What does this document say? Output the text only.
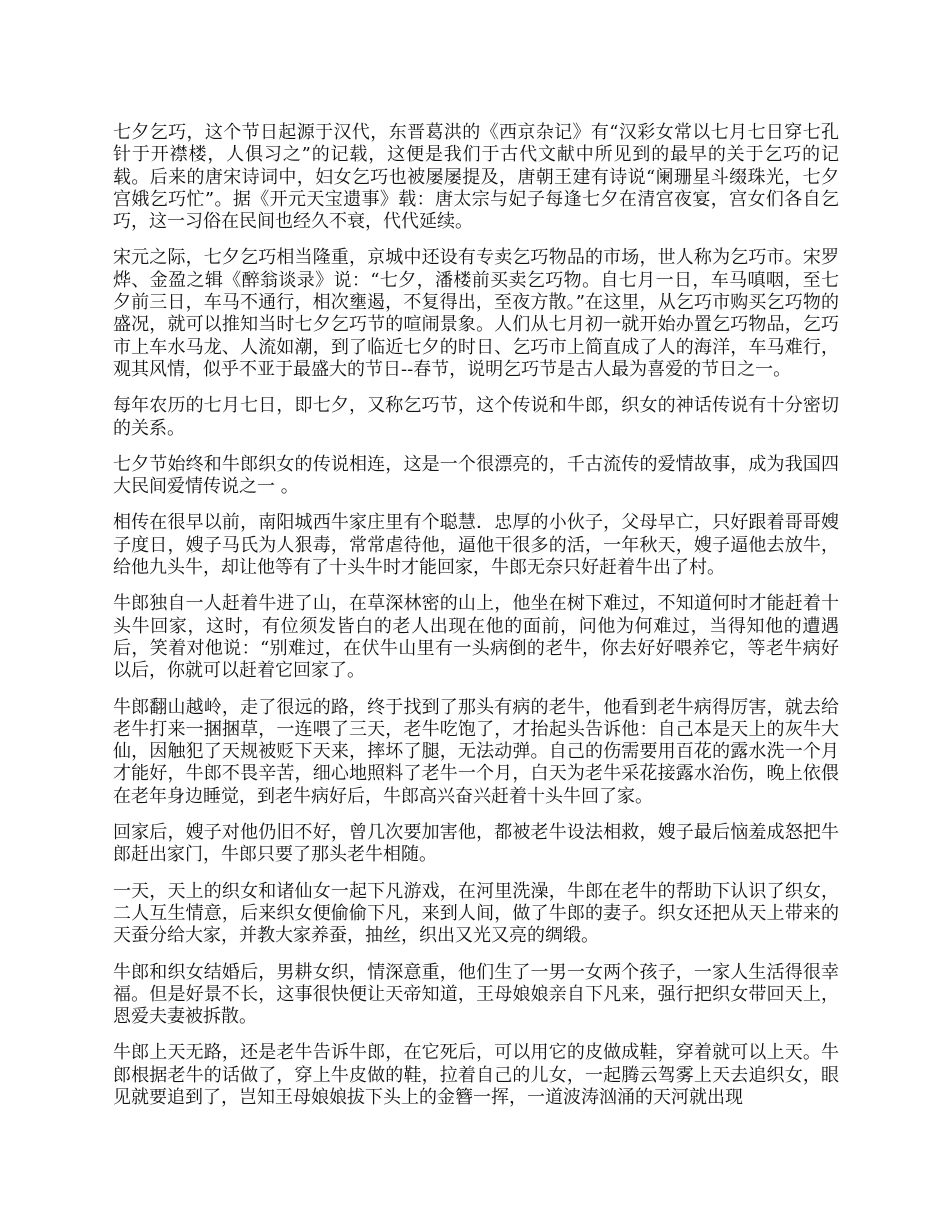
七夕乞巧，这个节日起源于汉代，东晋葛洪的《西京杂记》有“汉彩女常以七月七日穿七孔针于开襟楼，人俱习之”的记载，这便是我们于古代文献中所见到的最早的关于乞巧的记载。后来的唐宋诗词中，妇女乞巧也被屡屡提及，唐朝王建有诗说“阑珊星斗缀珠光，七夕宫娥乞巧忙”。据《开元天宝遗事》载：唐太宗与妃子每逢七夕在清宫夜宴，宫女们各自乞巧，这一习俗在民间也经久不衰，代代延续。

宋元之际，七夕乞巧相当隆重，京城中还设有专卖乞巧物品的市场，世人称为乞巧市。宋罗烨、金盈之辑《醉翁谈录》说：“七夕，潘楼前买卖乞巧物。自七月一日，车马嗔咽，至七夕前三日，车马不通行，相次壅遏，不复得出，至夜方散。”在这里，从乞巧市购买乞巧物的盛况，就可以推知当时七夕乞巧节的喧闹景象。人们从七月初一就开始办置乞巧物品，乞巧市上车水马龙、人流如潮，到了临近七夕的时日、乞巧市上简直成了人的海洋，车马难行，观其风情，似乎不亚于最盛大的节日--春节，说明乞巧节是古人最为喜爱的节日之一。

每年农历的七月七日，即七夕，又称乞巧节，这个传说和牛郎，织女的神话传说有十分密切的关系。

七夕节始终和牛郎织女的传说相连，这是一个很漂亮的，千古流传的爱情故事，成为我国四大民间爱情传说之一 。

相传在很早以前，南阳城西牛家庄里有个聪慧．忠厚的小伙子，父母早亡，只好跟着哥哥嫂子度日，嫂子马氏为人狠毒，常常虐待他，逼他干很多的活，一年秋天，嫂子逼他去放牛，给他九头牛，却让他等有了十头牛时才能回家，牛郎无奈只好赶着牛出了村。

牛郎独自一人赶着牛进了山，在草深林密的山上，他坐在树下难过，不知道何时才能赶着十头牛回家，这时，有位须发皆白的老人出现在他的面前，问他为何难过，当得知他的遭遇后，笑着对他说：“别难过，在伏牛山里有一头病倒的老牛，你去好好喂养它，等老牛病好以后，你就可以赶着它回家了。

牛郎翻山越岭，走了很远的路，终于找到了那头有病的老牛，他看到老牛病得厉害，就去给老牛打来一捆捆草，一连喂了三天，老牛吃饱了，才抬起头告诉他：自己本是天上的灰牛大仙，因触犯了天规被贬下天来，摔坏了腿，无法动弹。自己的伤需要用百花的露水洗一个月才能好，牛郎不畏辛苦，细心地照料了老牛一个月，白天为老牛采花接露水治伤，晚上依偎在老年身边睡觉，到老牛病好后，牛郎高兴奋兴赶着十头牛回了家。

回家后，嫂子对他仍旧不好，曾几次要加害他，都被老牛设法相救，嫂子最后恼羞成怒把牛郎赶出家门，牛郎只要了那头老牛相随。

一天，天上的织女和诸仙女一起下凡游戏，在河里洗澡，牛郎在老牛的帮助下认识了织女，二人互生情意，后来织女便偷偷下凡，来到人间，做了牛郎的妻子。织女还把从天上带来的天蚕分给大家，并教大家养蚕，抽丝，织出又光又亮的绸缎。

牛郎和织女结婚后，男耕女织，情深意重，他们生了一男一女两个孩子，一家人生活得很幸福。但是好景不长，这事很快便让天帝知道，王母娘娘亲自下凡来，强行把织女带回天上，恩爱夫妻被拆散。

牛郎上天无路，还是老牛告诉牛郎，在它死后，可以用它的皮做成鞋，穿着就可以上天。牛郎根据老牛的话做了，穿上牛皮做的鞋，拉着自己的儿女，一起腾云驾雾上天去追织女，眼见就要追到了，岂知王母娘娘拔下头上的金簪一挥，一道波涛汹涌的天河就出现
